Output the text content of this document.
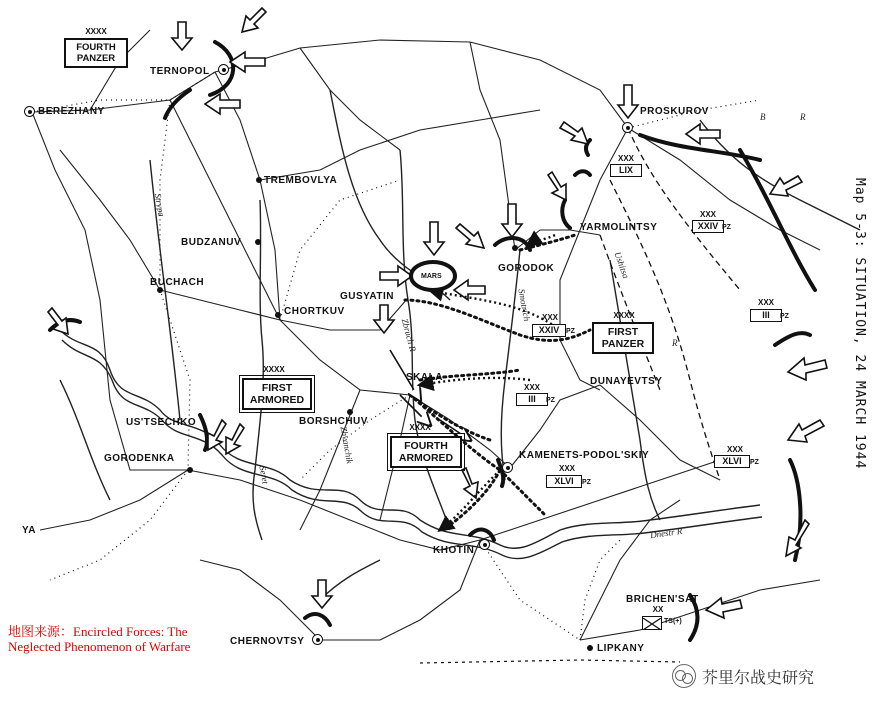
TERNOPOL
BEREZHANY	PROSKUROV
TREMBOVLYA
BUDZANUV
BUCHACH
YARMOLINTSY
GORODOK
GUSYATIN
CHORTKUV
SKALA	DUNAYEVTSY
US'TSECHKO	BORSHCHUV
GORODENKA	KAMENETS-PODOL'SKIY
YA
KHOTIN
BRICHEN'SAT
CHERNOVTSY
LIPKANY
Dnestr R
Strypa
Seret
Zbruch R
Smotrich
Ushitsa
Zhvanchik
B	R
R
XXXX
FOURTH
PANZER
XXXX
FIRST
PANZER
XXXX
FIRST
ARMORED
XXXX
FOURTH
ARMORED
XXX
LIX
XXX
XXIV PZ
XXX
III	PZ
XXX
XLVI	PZ
XXX
XXIV PZ
XXX
III	PZ
XXX
XLVI	PZ
MARS
XX
TS(+)
Map 5-3: SITUATION, 24 MARCH 1944
地图来源：Encircled Forces: The Neglected Phenomenon of Warfare
芥里尔战史研究
